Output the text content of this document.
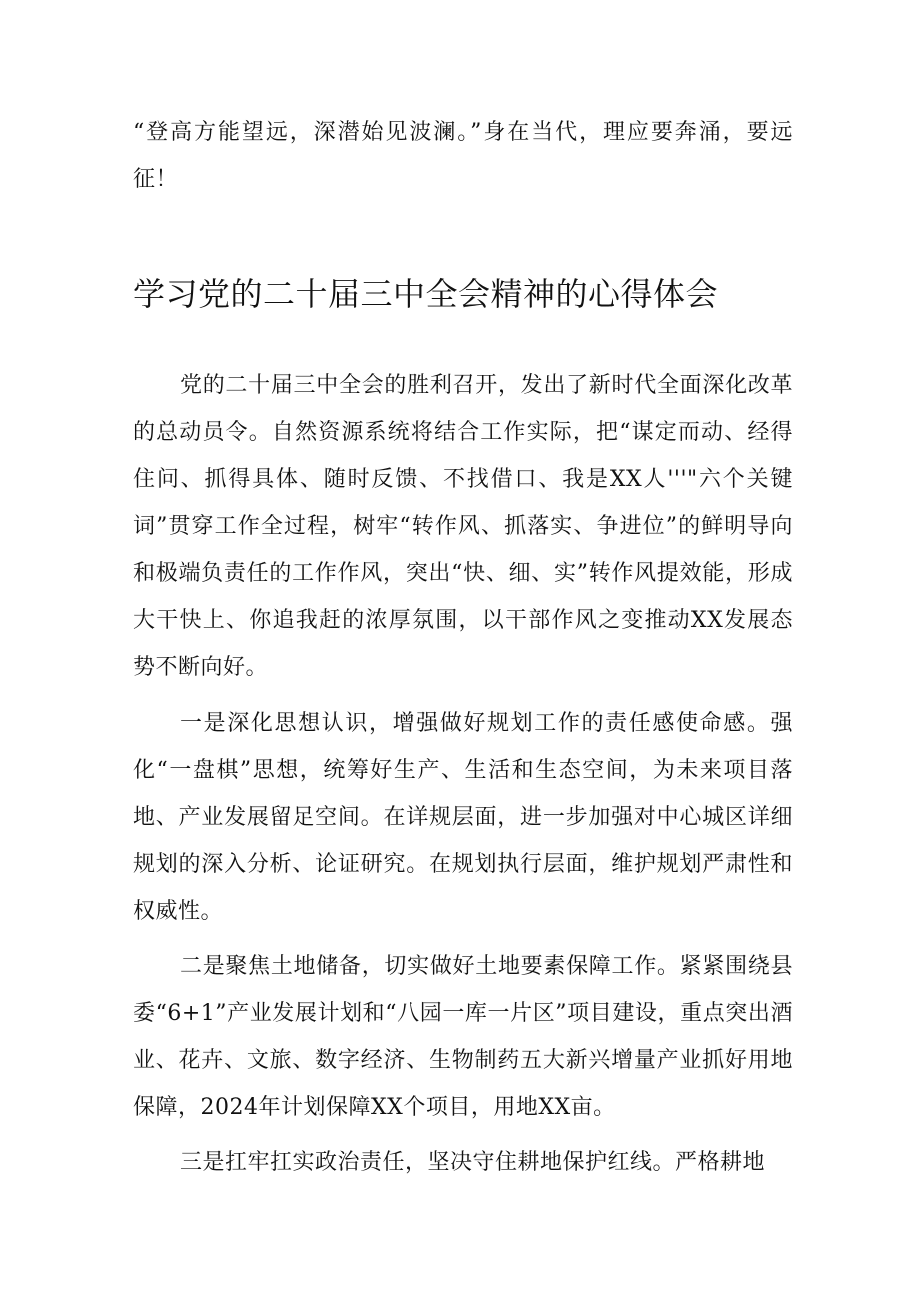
“登高方能望远，深潜始见波澜。”身在当代，理应要奔涌，要远征！

学习党的二十届三中全会精神的心得体会

党的二十届三中全会的胜利召开，发出了新时代全面深化改革的总动员令。自然资源系统将结合工作实际，把“谋定而动、经得住问、抓得具体、随时反馈、不找借口、我是XX人'''"六个关键词”贯穿工作全过程，树牢“转作风、抓落实、争进位”的鲜明导向和极端负责任的工作作风，突出“快、细、实”转作风提效能，形成大干快上、你追我赶的浓厚氛围，以干部作风之变推动XX发展态势不断向好。

一是深化思想认识，增强做好规划工作的责任感使命感。强化“一盘棋”思想，统筹好生产、生活和生态空间，为未来项目落地、产业发展留足空间。在详规层面，进一步加强对中心城区详细规划的深入分析、论证研究。在规划执行层面，维护规划严肃性和权威性。

二是聚焦土地储备，切实做好土地要素保障工作。紧紧围绕县委“6+1”产业发展计划和“八园一库一片区”项目建设，重点突出酒业、花卉、文旅、数字经济、生物制药五大新兴增量产业抓好用地保障，2024年计划保障XX个项目，用地XX亩。

三是扛牢扛实政治责任，坚决守住耕地保护红线。严格耕地
